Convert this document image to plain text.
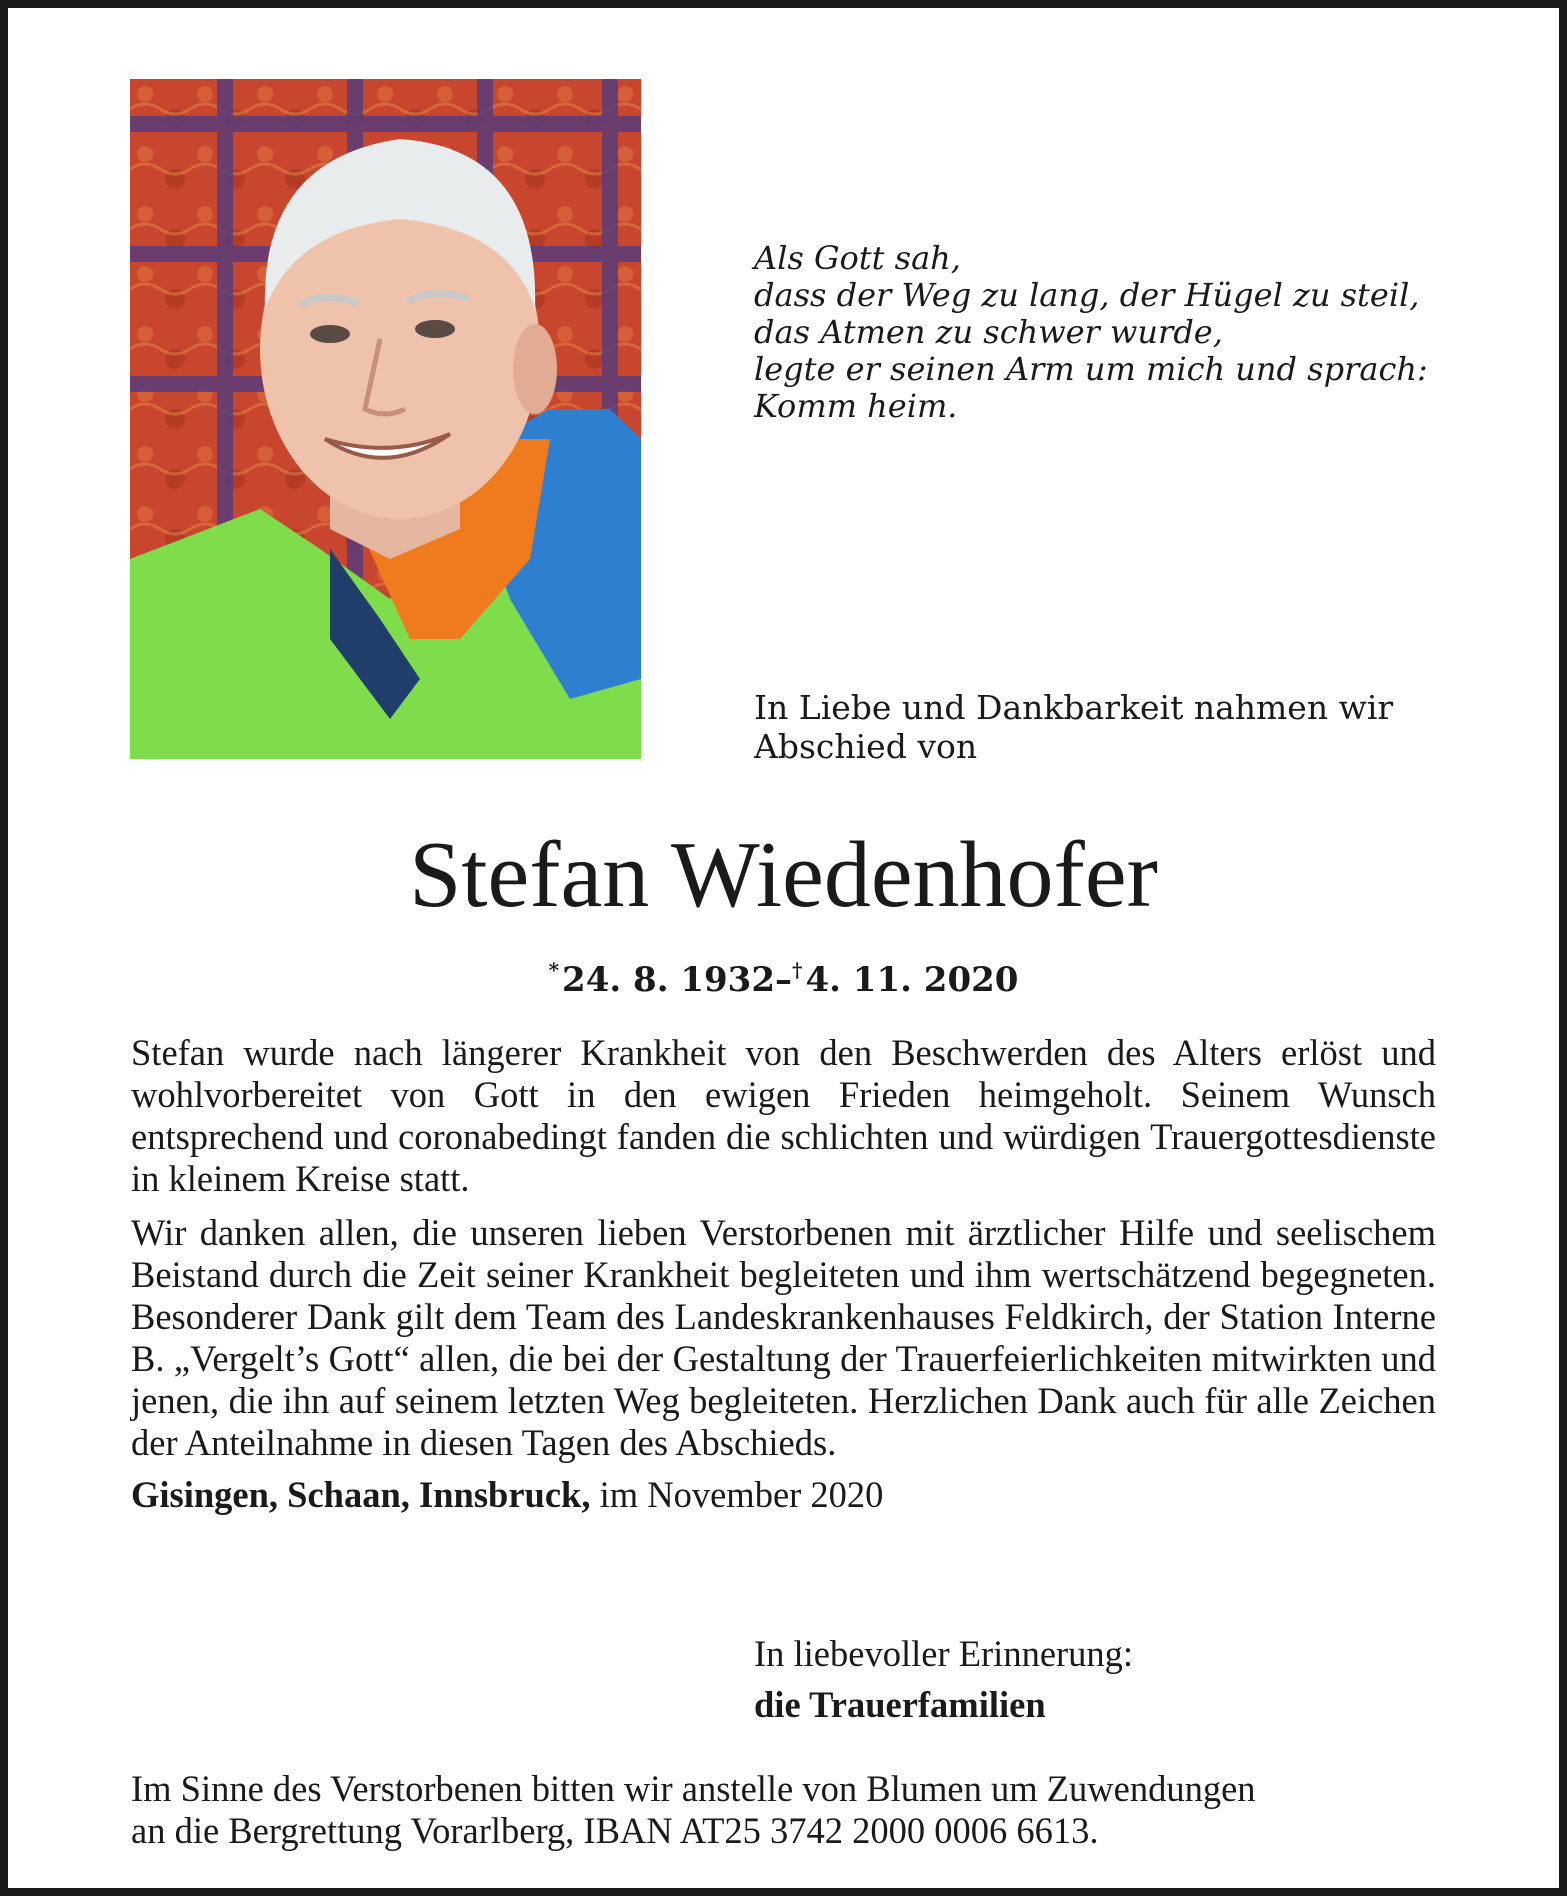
Als Gott sah,
dass der Weg zu lang, der Hügel zu steil,
das Atmen zu schwer wurde,
legte er seinen Arm um mich und sprach:
Komm heim.
In Liebe und Dankbarkeit nahmen wir
Abschied von
Stefan Wiedenhofer
*24. 8. 1932–†4. 11. 2020
Stefan wurde nach längerer Krankheit von den Beschwerden des Alters erlöst und wohlvorbereitet von Gott in den ewigen Frieden heimgeholt. Seinem Wunsch entsprechend und coronabedingt fanden die schlichten und würdigen Trauergottesdienste in kleinem Kreise statt.
Wir danken allen, die unseren lieben Verstorbenen mit ärztlicher Hilfe und seelischem Beistand durch die Zeit seiner Krankheit begleiteten und ihm wertschätzend begegneten. Besonderer Dank gilt dem Team des Landeskrankenhauses Feldkirch, der Station Interne B. „Vergelt’s Gott“ allen, die bei der Gestaltung der Trauerfeierlichkeiten mitwirkten und jenen, die ihn auf seinem letzten Weg begleiteten. Herzlichen Dank auch für alle Zeichen der Anteilnahme in diesen Tagen des Abschieds.
Gisingen, Schaan, Innsbruck, im November 2020
In liebevoller Erinnerung:
die Trauerfamilien
Im Sinne des Verstorbenen bitten wir anstelle von Blumen um Zuwendungen
an die Bergrettung Vorarlberg, IBAN AT25 3742 2000 0006 6613.
